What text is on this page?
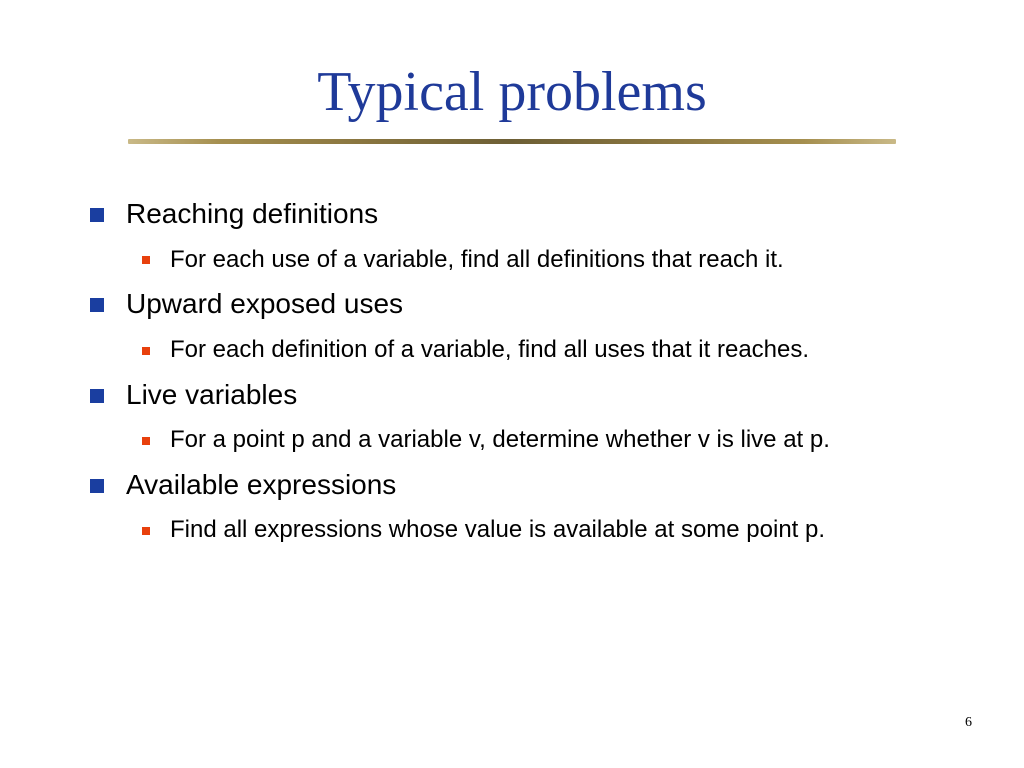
Typical problems
Reaching definitions
For each use of a variable, find all definitions that reach it.
Upward exposed uses
For each definition of a variable, find all uses that it reaches.
Live variables
For a point p and a variable v, determine whether v is live at p.
Available expressions
Find all expressions whose value is available at some point p.
6
